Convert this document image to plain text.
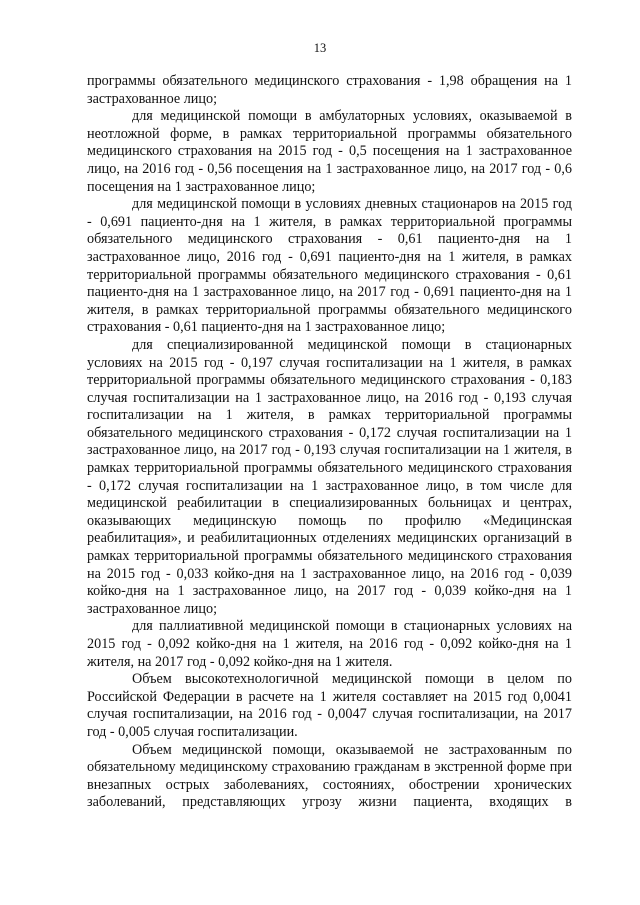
13

программы обязательного медицинского страхования - 1,98 обращения на 1 застрахованное лицо;

для медицинской помощи в амбулаторных условиях, оказываемой в неотложной форме, в рамках территориальной программы обязательного медицинского страхования на 2015 год - 0,5 посещения на 1 застрахованное лицо, на 2016 год - 0,56 посещения на 1 застрахованное лицо, на 2017 год - 0,6 посещения на 1 застрахованное лицо;

для медицинской помощи в условиях дневных стационаров на 2015 год - 0,691 пациенто-дня на 1 жителя, в рамках территориальной программы обязательного медицинского страхования - 0,61 пациенто-дня на 1 застрахованное лицо, 2016 год - 0,691 пациенто-дня на 1 жителя, в рамках территориальной программы обязательного медицинского страхования - 0,61 пациенто-дня на 1 застрахованное лицо, на 2017 год - 0,691 пациенто-дня на 1 жителя, в рамках территориальной программы обязательного медицинского страхования - 0,61 пациенто-дня на 1 застрахованное лицо;

для специализированной медицинской помощи в стационарных условиях на 2015 год - 0,197 случая госпитализации на 1 жителя, в рамках территориальной программы обязательного медицинского страхования - 0,183 случая госпитализации на 1 застрахованное лицо, на 2016 год - 0,193 случая госпитализации на 1 жителя, в рамках территориальной программы обязательного медицинского страхования - 0,172 случая госпитализации на 1 застрахованное лицо, на 2017 год - 0,193 случая госпитализации на 1 жителя, в рамках территориальной программы обязательного медицинского страхования - 0,172 случая госпитализации на 1 застрахованное лицо, в том числе для медицинской реабилитации в специализированных больницах и центрах, оказывающих медицинскую помощь по профилю «Медицинская реабилитация», и реабилитационных отделениях медицинских организаций в рамках территориальной программы обязательного медицинского страхования на 2015 год - 0,033 койко-дня на 1 застрахованное лицо, на 2016 год - 0,039 койко-дня на 1 застрахованное лицо, на 2017 год - 0,039 койко-дня на 1 застрахованное лицо;

для паллиативной медицинской помощи в стационарных условиях на 2015 год - 0,092 койко-дня на 1 жителя, на 2016 год - 0,092 койко-дня на 1 жителя, на 2017 год - 0,092 койко-дня на 1 жителя.

Объем высокотехнологичной медицинской помощи в целом по Российской Федерации в расчете на 1 жителя составляет на 2015 год 0,0041 случая госпитализации, на 2016 год - 0,0047 случая госпитализации, на 2017 год - 0,005 случая госпитализации.

Объем медицинской помощи, оказываемой не застрахованным по обязательному медицинскому страхованию гражданам в экстренной форме при внезапных острых заболеваниях, состояниях, обострении хронических заболеваний, представляющих угрозу жизни пациента, входящих в
